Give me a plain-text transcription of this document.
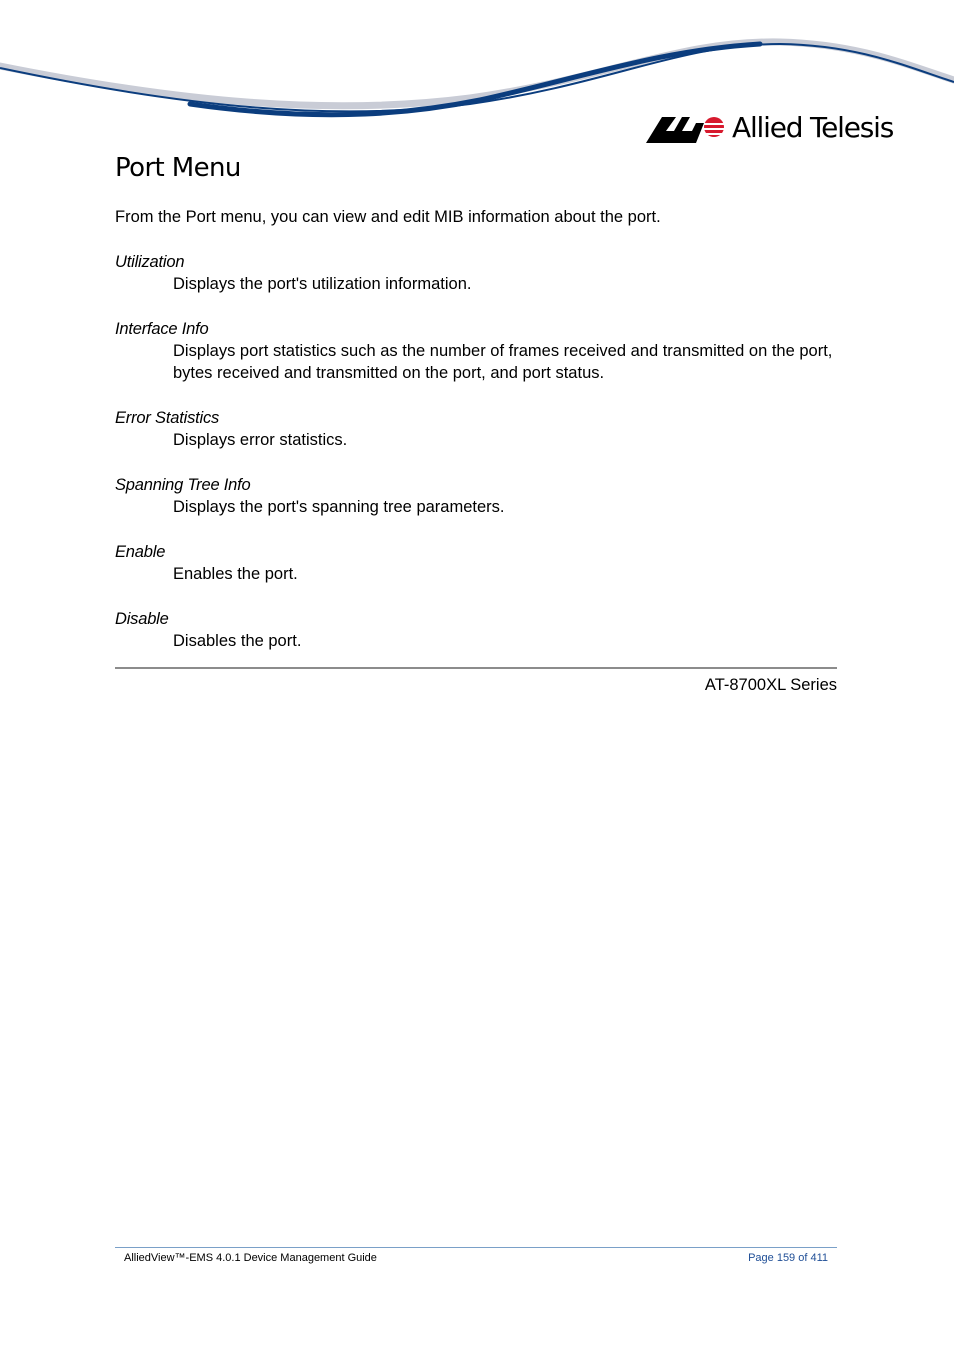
Allied Telesis
Port Menu
From the Port menu, you can view and edit MIB information about the port.
Utilization
Displays the port's utilization information.
Interface Info
Displays port statistics such as the number of frames received and transmitted on the port, bytes received and transmitted on the port, and port status.
Error Statistics
Displays error statistics.
Spanning Tree Info
Displays the port's spanning tree parameters.
Enable
Enables the port.
Disable
Disables the port.
AT-8700XL Series
AlliedView™-EMS 4.0.1 Device Management Guide	Page 159 of 411
